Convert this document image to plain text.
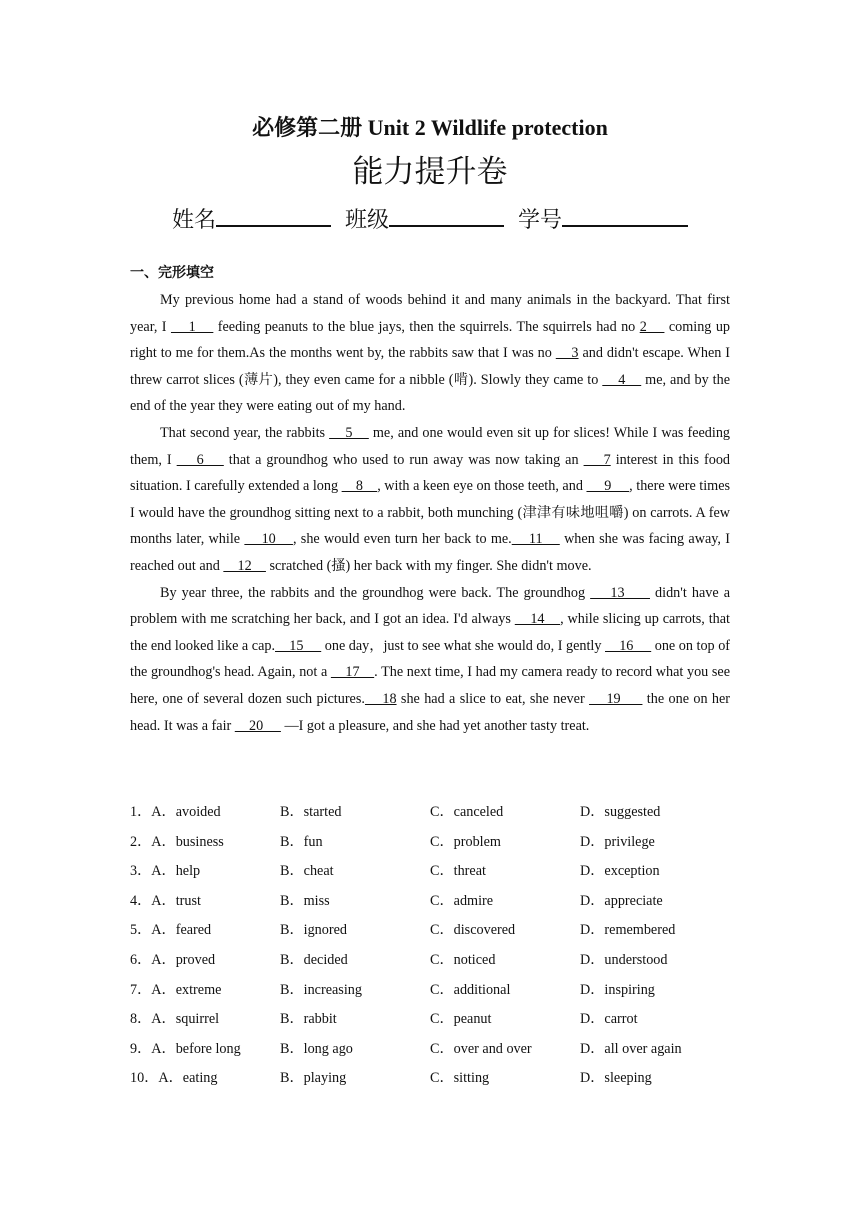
必修第二册 Unit 2 Wildlife protection
能力提升卷
姓名	班级	学号
一、完形填空

My previous home had a stand of woods behind it and many animals in the backyard. That first year, I     1     feeding peanuts to the blue jays, then the squirrels. The squirrels had no 2     coming up right to me for them.As the months went by, the rabbits saw that I was no     3 and didn't escape. When I threw carrot slices (薄片), they even came for a nibble (啃). Slowly they came to     4     me, and by the end of the year they were eating out of my hand.

That second year, the rabbits     5     me, and one would even sit up for slices! While I was feeding them, I     6     that a groundhog who used to run away was now taking an     7 interest in this food situation. I carefully extended a long     8    , with a keen eye on those teeth, and      9     , there were times I would have the groundhog sitting next to a rabbit, both munching (津津有味地咀嚼) on carrots. A few months later, while     10    , she would even turn her back to me.    11     when she was facing away, I reached out and     12     scratched (搔) her back with my finger. She didn't move.

By year three, the rabbits and the groundhog were back. The groundhog     13      didn't have a problem with me scratching her back, and I got an idea. I'd always     14    , while slicing up carrots, that the end looked like a cap.    15      one day，just to see what she would do, I gently     16      one on top of the groundhog's head. Again, not a     17    . The next time, I had my camera ready to record what you see here, one of several dozen such pictures.    18 she had a slice to eat, she never     19      the one on her head. It was a fair     20      —I got a pleasure, and she had yet another tasty treat.

1．A．avoided	B．started	C．canceled	D．suggested
2．A．business	B．fun	C．problem	D．privilege
3．A．help	B．cheat	C．threat	D．exception
4．A．trust	B．miss	C．admire	D．appreciate
5．A．feared	B．ignored	C．discovered	D．remembered
6．A．proved	B．decided	C．noticed	D．understood
7．A．extreme	B．increasing	C．additional	D．inspiring
8．A．squirrel	B．rabbit	C．peanut	D．carrot
9．A．before long	B．long ago	C．over and over	D．all over again
10．A．eating	B．playing	C．sitting	D．sleeping
